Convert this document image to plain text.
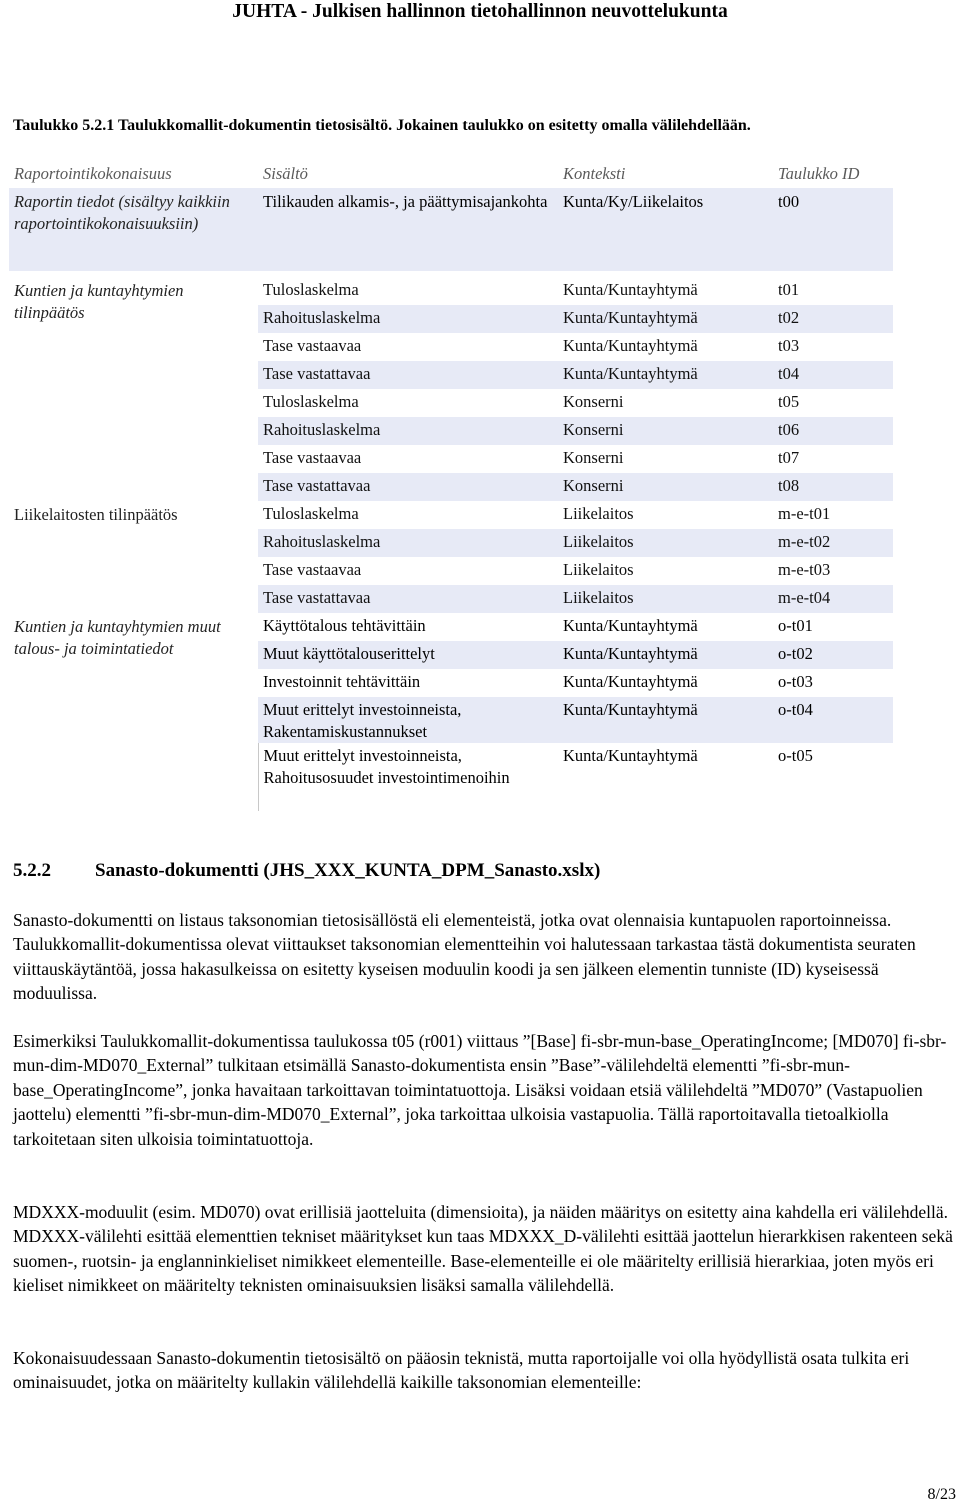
JUHTA - Julkisen hallinnon tietohallinnon neuvottelukunta
Taulukko 5.2.1 Taulukkomallit-dokumentin tietosisältö. Jokainen taulukko on esitetty omalla välilehdellään.
Raportointikokonaisuus	Sisältö	Konteksti	Taulukko ID
Raportin tiedot (sisältyy kaikkiin raportointikokonaisuuksiin)	Tilikauden alkamis-, ja päättymisajankohta	Kunta/Ky/Liikelaitos	t00

Kuntien ja kuntayhtymien tilinpäätös	Tuloslaskelma	Kunta/Kuntayhtymä	t01
	Rahoituslaskelma	Kunta/Kuntayhtymä	t02
	Tase vastaavaa	Kunta/Kuntayhtymä	t03
	Tase vastattavaa	Kunta/Kuntayhtymä	t04
	Tuloslaskelma	Konserni	t05
	Rahoituslaskelma	Konserni	t06
	Tase vastaavaa	Konserni	t07
	Tase vastattavaa	Konserni	t08
Liikelaitosten tilinpäätös	Tuloslaskelma	Liikelaitos	m-e-t01
	Rahoituslaskelma	Liikelaitos	m-e-t02
	Tase vastaavaa	Liikelaitos	m-e-t03
	Tase vastattavaa	Liikelaitos	m-e-t04
Kuntien ja kuntayhtymien muut talous- ja toimintatiedot	Käyttötalous tehtävittäin	Kunta/Kuntayhtymä	o-t01
	Muut käyttötalouserittelyt	Kunta/Kuntayhtymä	o-t02
	Investoinnit tehtävittäin	Kunta/Kuntayhtymä	o-t03
	Muut erittelyt investoinneista, Rakentamiskustannukset	Kunta/Kuntayhtymä	o-t04
	Muut erittelyt investoinneista, Rahoitusosuudet investointimenoihin	Kunta/Kuntayhtymä	o-t05
5.2.2 Sanasto-dokumentti (JHS_XXX_KUNTA_DPM_Sanasto.xslx)
Sanasto-dokumentti on listaus taksonomian tietosisällöstä eli elementeistä, jotka ovat olennaisia kuntapuolen raportoinneissa. Taulukkomallit-dokumentissa olevat viittaukset taksonomian elementteihin voi halutessaan tarkastaa tästä dokumentista seuraten viittauskäytäntöä, jossa hakasulkeissa on esitetty kyseisen moduulin koodi ja sen jälkeen elementin tunniste (ID) kyseisessä moduulissa.
Esimerkiksi Taulukkomallit-dokumentissa taulukossa t05 (r001) viittaus ”[Base] fi-sbr-mun-base_OperatingIncome; [MD070] fi-sbr-mun-dim-MD070_External” tulkitaan etsimällä Sanasto-dokumentista ensin ”Base”-välilehdeltä elementti ”fi-sbr-mun-base_OperatingIncome”, jonka havaitaan tarkoittavan toimintatuottoja. Lisäksi voidaan etsiä välilehdeltä ”MD070” (Vastapuolien jaottelu) elementti ”fi-sbr-mun-dim-MD070_External”, joka tarkoittaa ulkoisia vastapuolia. Tällä raportoitavalla tietoalkiolla tarkoitetaan siten ulkoisia toimintatuottoja.
MDXXX-moduulit (esim. MD070) ovat erillisiä jaotteluita (dimensioita), ja näiden määritys on esitetty aina kahdella eri välilehdellä. MDXXX-välilehti esittää elementtien tekniset määritykset kun taas MDXXX_D-välilehti esittää jaottelun hierarkkisen rakenteen sekä suomen-, ruotsin- ja englanninkieliset nimikkeet elementeille. Base-elementeille ei ole määritelty erillisiä hierarkiaa, joten myös eri kieliset nimikkeet on määritelty teknisten ominaisuuksien lisäksi samalla välilehdellä.
Kokonaisuudessaan Sanasto-dokumentin tietosisältö on pääosin teknistä, mutta raportoijalle voi olla hyödyllistä osata tulkita eri ominaisuudet, jotka on määritelty kullakin välilehdellä kaikille taksonomian elementeille:
8/23
